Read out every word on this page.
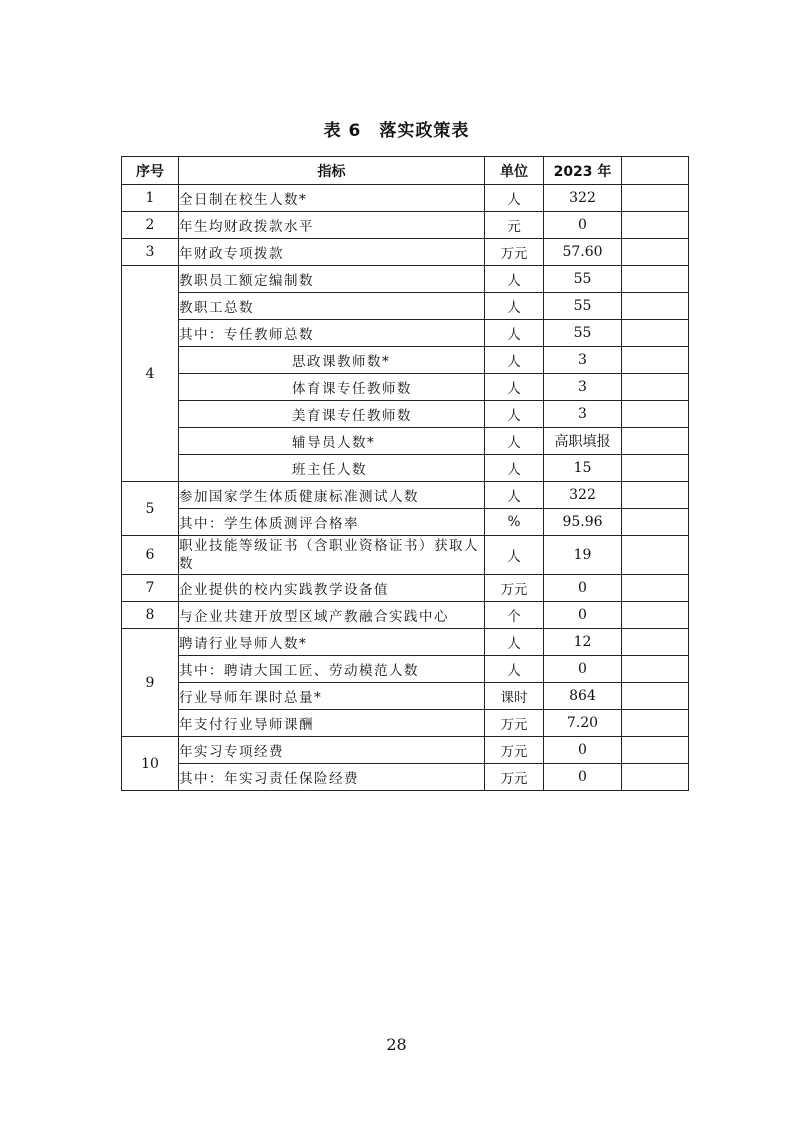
表 6　落实政策表
序号	指标	单位	2023 年	
1	全日制在校生人数*	人	322	
2	年生均财政拨款水平	元	0	
3	年财政专项拨款	万元	57.60	
4	教职员工额定编制数	人	55	
	教职工总数	人	55	
	其中：专任教师总数	人	55	
	思政课教师数*	人	3	
	体育课专任教师数	人	3	
	美育课专任教师数	人	3	
	辅导员人数*	人	高职填报	
	班主任人数	人	15	
5	参加国家学生体质健康标准测试人数	人	322	
	其中：学生体质测评合格率	%	95.96	
6	职业技能等级证书（含职业资格证书）获取人数	人	19	
7	企业提供的校内实践教学设备值	万元	0	
8	与企业共建开放型区域产教融合实践中心	个	0	
9	聘请行业导师人数*	人	12	
	其中：聘请大国工匠、劳动模范人数	人	0	
	行业导师年课时总量*	课时	864	
	年支付行业导师课酬	万元	7.20	
10	年实习专项经费	万元	0	
	其中：年实习责任保险经费	万元	0	
28
